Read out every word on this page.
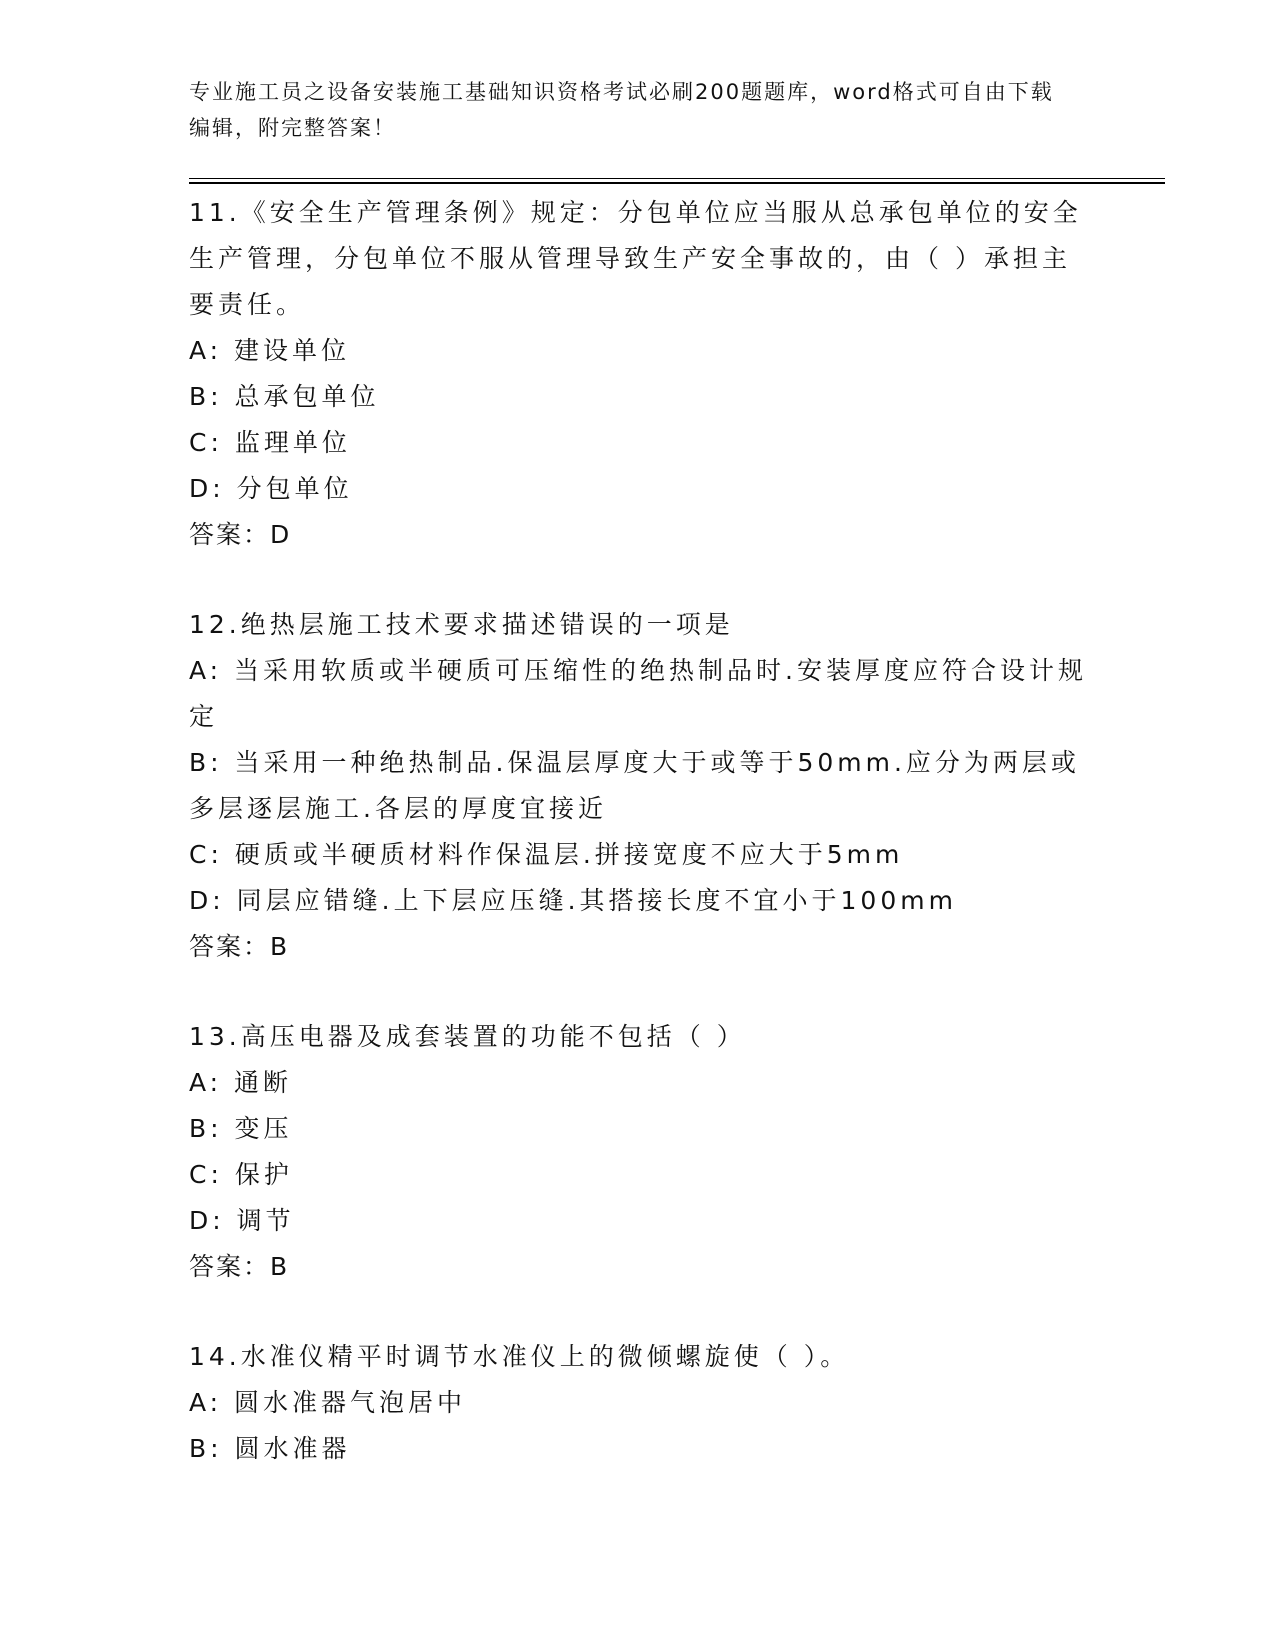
专业施工员之设备安装施工基础知识资格考试必刷200题题库，word格式可自由下载编辑，附完整答案！

11.《安全生产管理条例》规定：分包单位应当服从总承包单位的安全生产管理，分包单位不服从管理导致生产安全事故的，由（ ）承担主要责任。

A: 建设单位

B: 总承包单位

C: 监理单位

D: 分包单位

答案：D

12.绝热层施工技术要求描述错误的一项是

A: 当采用软质或半硬质可压缩性的绝热制品时.安装厚度应符合设计规定

B: 当采用一种绝热制品.保温层厚度大于或等于50mm.应分为两层或多层逐层施工.各层的厚度宜接近

C: 硬质或半硬质材料作保温层.拼接宽度不应大于5mm

D: 同层应错缝.上下层应压缝.其搭接长度不宜小于100mm

答案：B

13.高压电器及成套装置的功能不包括（ ）

A: 通断

B: 变压

C: 保护

D: 调节

答案：B

14.水准仪精平时调节水准仪上的微倾螺旋使（ ）。

A: 圆水准器气泡居中

B: 圆水准器
